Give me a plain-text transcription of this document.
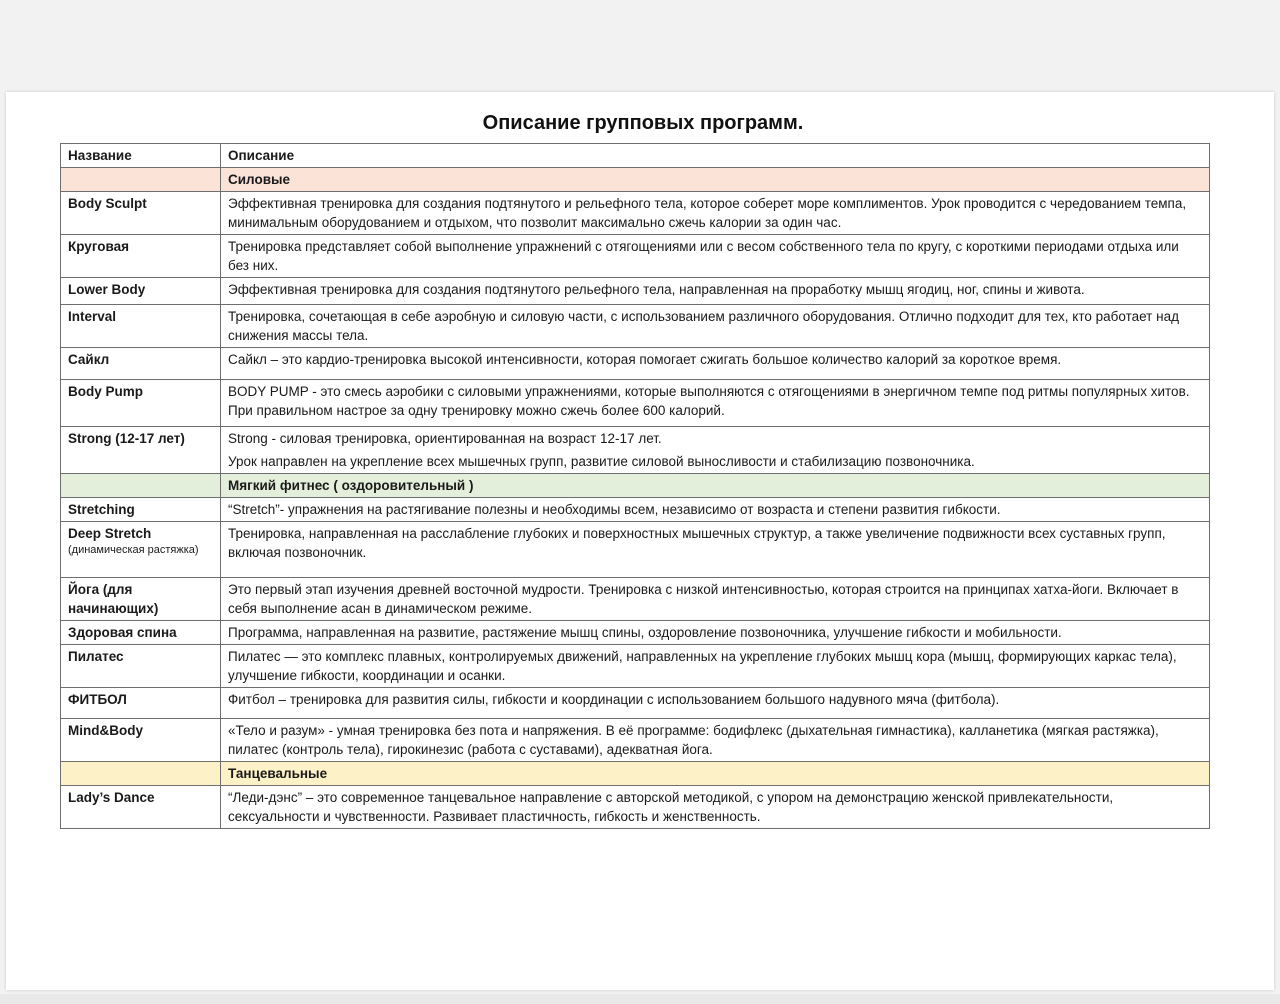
Описание групповых программ.
Название	Описание
	Силовые
Body Sculpt	Эффективная тренировка для создания подтянутого и рельефного тела, которое соберет море комплиментов. Урок проводится с чередованием темпа, минимальным оборудованием и отдыхом, что позволит максимально сжечь калории за один час.
Круговая	Тренировка представляет собой выполнение упражнений с отягощениями или с весом собственного тела по кругу, с короткими периодами отдыха или без них.
Lower Body	Эффективная тренировка для создания подтянутого рельефного тела, направленная на проработку мышц ягодиц, ног, спины и живота.
Interval	Тренировка, сочетающая в себе аэробную и силовую части, с использованием различного оборудования. Отлично подходит для тех, кто работает над снижения массы тела.
Сайкл	Сайкл – это кардио-тренировка высокой интенсивности, которая помогает сжигать большое количество калорий за короткое время.
Body Pump	BODY PUMP - это смесь аэробики с силовыми упражнениями, которые выполняются с отягощениями в энергичном темпе под ритмы популярных хитов. При правильном настрое за одну тренировку можно сжечь более 600 калорий.
Strong (12-17 лет)	Strong - силовая тренировка, ориентированная на возраст 12-17 лет.
Урок направлен на укрепление всех мышечных групп, развитие силовой выносливости и стабилизацию позвоночника.

	Мягкий фитнес ( оздоровительный )
Stretching	“Stretch”- упражнения на растягивание полезны и необходимы всем, независимо от возраста и степени развития гибкости.
Deep Stretch
(динамическая растяжка)	Тренировка, направленная на расслабление глубоких и поверхностных мышечных структур, а также увеличение подвижности всех суставных групп, включая позвоночник.
Йога (для начинающих)	Это первый этап изучения древней восточной мудрости. Тренировка с низкой интенсивностью, которая строится на принципах хатха-йоги. Включает в себя выполнение асан в динамическом режиме.
Здоровая спина	Программа, направленная на развитие, растяжение мышц спины, оздоровление позвоночника, улучшение гибкости и мобильности.
Пилатес	Пилатес — это комплекс плавных, контролируемых движений, направленных на укрепление глубоких мышц кора (мышц, формирующих каркас тела), улучшение гибкости, координации и осанки.
ФИТБОЛ	Фитбол – тренировка для развития силы, гибкости и координации с использованием большого надувного мяча (фитбола).
Mind&Body	«Тело и разум» - умная тренировка без пота и напряжения. В её программе: бодифлекс (дыхательная гимнастика), калланетика (мягкая растяжка), пилатес (контроль тела), гирокинезис (работа с суставами), адекватная йога.
	Танцевальные
Lady’s Dance	“Леди-дэнс” – это современное танцевальное направление с авторской методикой, с упором на демонстрацию женской привлекательности, сексуальности и чувственности. Развивает пластичность, гибкость и женственность.
